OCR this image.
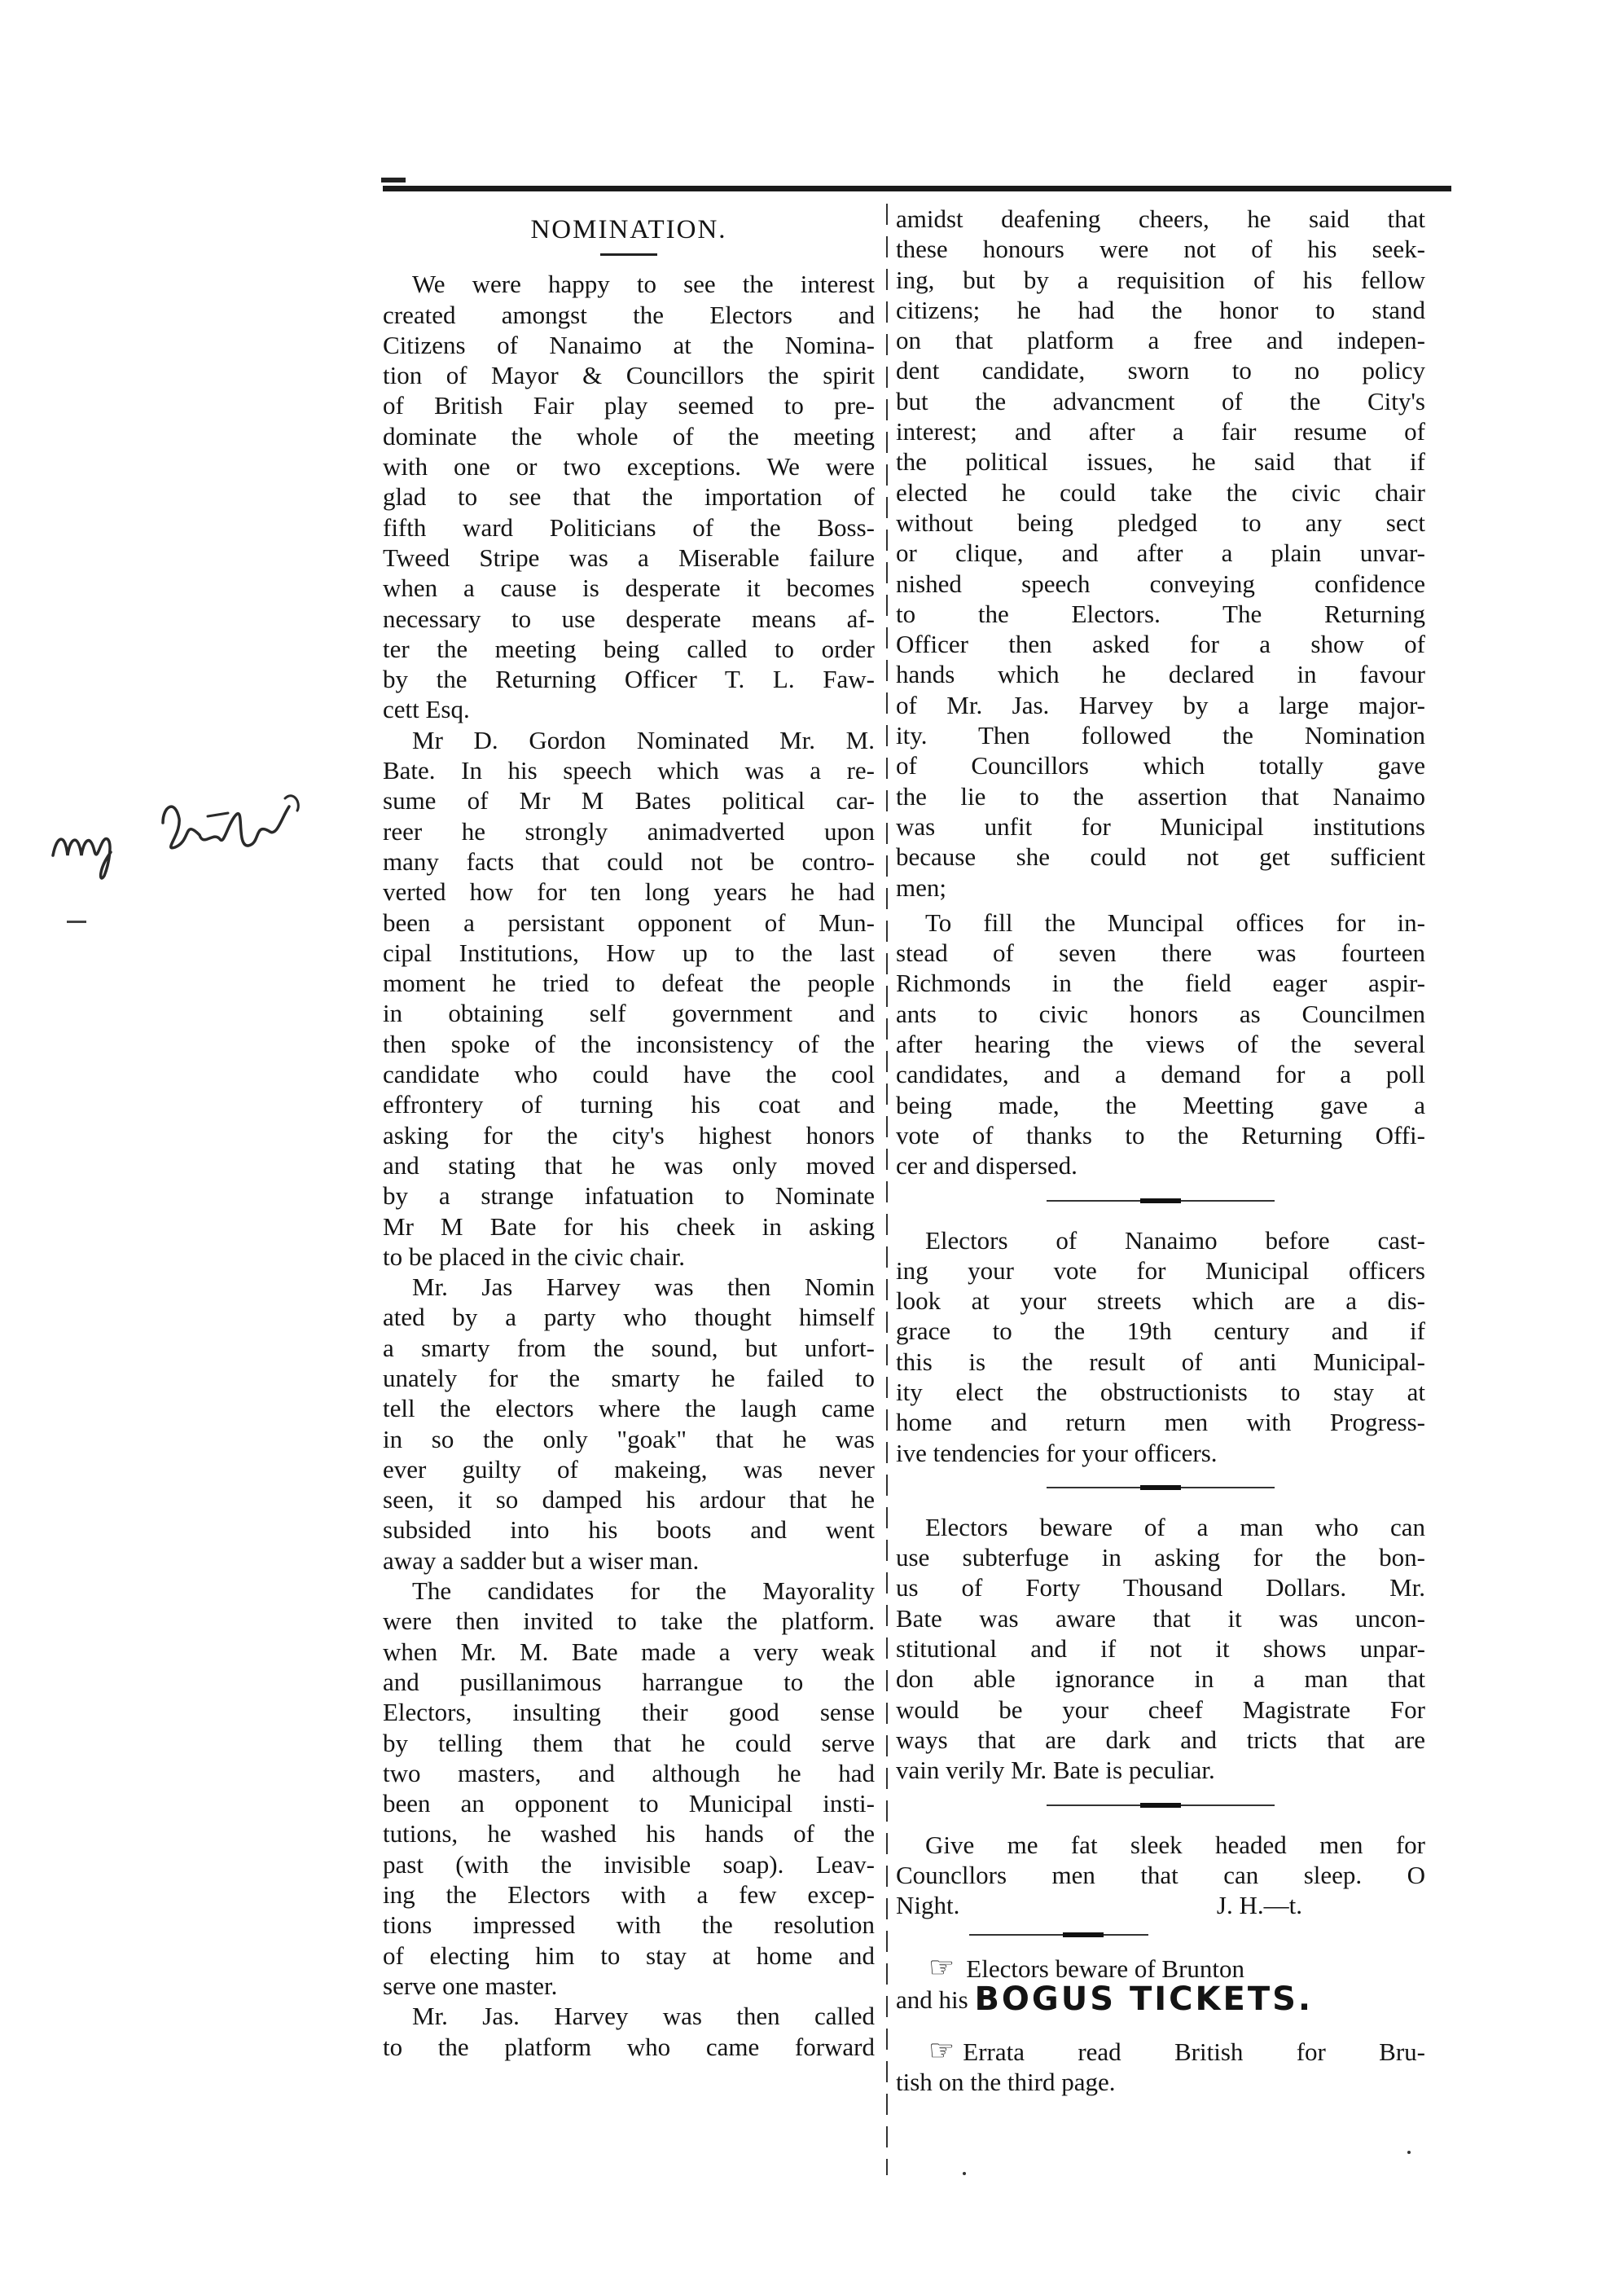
NOMINATION.
We were happy to see the interest
created amongst the Electors and
Citizens of Nanaimo at the Nomina-
tion of Mayor & Councillors the spirit
of British Fair play seemed to pre-
dominate the whole of the meeting
with one or two exceptions. We were
glad to see that the importation of
fifth ward Politicians of the Boss-
Tweed Stripe was a Miserable failure
when a cause is desperate it becomes
necessary to use desperate means af-
ter the meeting being called to order
by the Returning Officer T. L. Faw-
cett Esq.
Mr D. Gordon Nominated Mr. M.
Bate. In his speech which was a re-
sume of Mr M Bates political car-
reer he strongly animadverted upon
many facts that could not be contro-
verted how for ten long years he had
been a persistant opponent of Mun-
cipal Institutions, How up to the last
moment he tried to defeat the people
in obtaining self government and
then spoke of the inconsistency of the
candidate who could have the cool
effrontery of turning his coat and
asking for the city's highest honors
and stating that he was only moved
by a strange infatuation to Nominate
Mr M Bate for his cheek in asking
to be placed in the civic chair.
Mr. Jas Harvey was then Nomin
ated by a party who thought himself
a smarty from the sound, but unfort-
unately for the smarty he failed to
tell the electors where the laugh came
in so the only "goak" that he was
ever guilty of makeing, was never
seen, it so damped his ardour that he
subsided into his boots and went
away a sadder but a wiser man.
The candidates for the Mayorality
were then invited to take the platform.
when Mr. M. Bate made a very weak
and pusillanimous harrangue to the
Electors, insulting their good sense
by telling them that he could serve
two masters, and although he had
been an opponent to Municipal insti-
tutions, he washed his hands of the
past (with the invisible soap). Leav-
ing the Electors with a few excep-
tions impressed with the resolution
of electing him to stay at home and
serve one master.
Mr. Jas. Harvey was then called
to the platform who came forward
amidst deafening cheers, he said that
these honours were not of his seek-
ing, but by a requisition of his fellow
citizens; he had the honor to stand
on that platform a free and indepen-
dent candidate, sworn to no policy
but the advancment of the City's
interest; and after a fair resume of
the political issues, he said that if
elected he could take the civic chair
without being pledged to any sect
or clique, and after a plain unvar-
nished speech conveying confidence
to the Electors. The Returning
Officer then asked for a show of
hands which he declared in favour
of Mr. Jas. Harvey by a large major-
ity. Then followed the Nomination
of Councillors which totally gave
the lie to the assertion that Nanaimo
was unfit for Municipal institutions
because she could not get sufficient
men;
To fill the Muncipal offices for in-
stead of seven there was fourteen
Richmonds in the field eager aspir-
ants to civic honors as Councilmen
after hearing the views of the several
candidates, and a demand for a poll
being made, the Meetting gave a
vote of thanks to the Returning Offi-
cer and dispersed.
Electors of Nanaimo before cast-
ing your vote for Municipal officers
look at your streets which are a dis-
grace to the 19th century and if
this is the result of anti Municipal-
ity elect the obstructionists to stay at
home and return men with Progress-
ive tendencies for your officers.
Electors beware of a man who can
use subterfuge in asking for the bon-
us of Forty Thousand Dollars. Mr.
Bate was aware that it was uncon-
stitutional and if not it shows unpar-
don able ignorance in a man that
would be your cheef Magistrate For
ways that are dark and tricts that are
vain verily Mr. Bate is peculiar.
Give me fat sleek headed men for
Councllors men that can sleep. O
Night.	J. H.—t.
☞ Electors beware of Brunton
and his BOGUS TICKETS.
☞ Errata read British for Bru-
tish on the third page.
